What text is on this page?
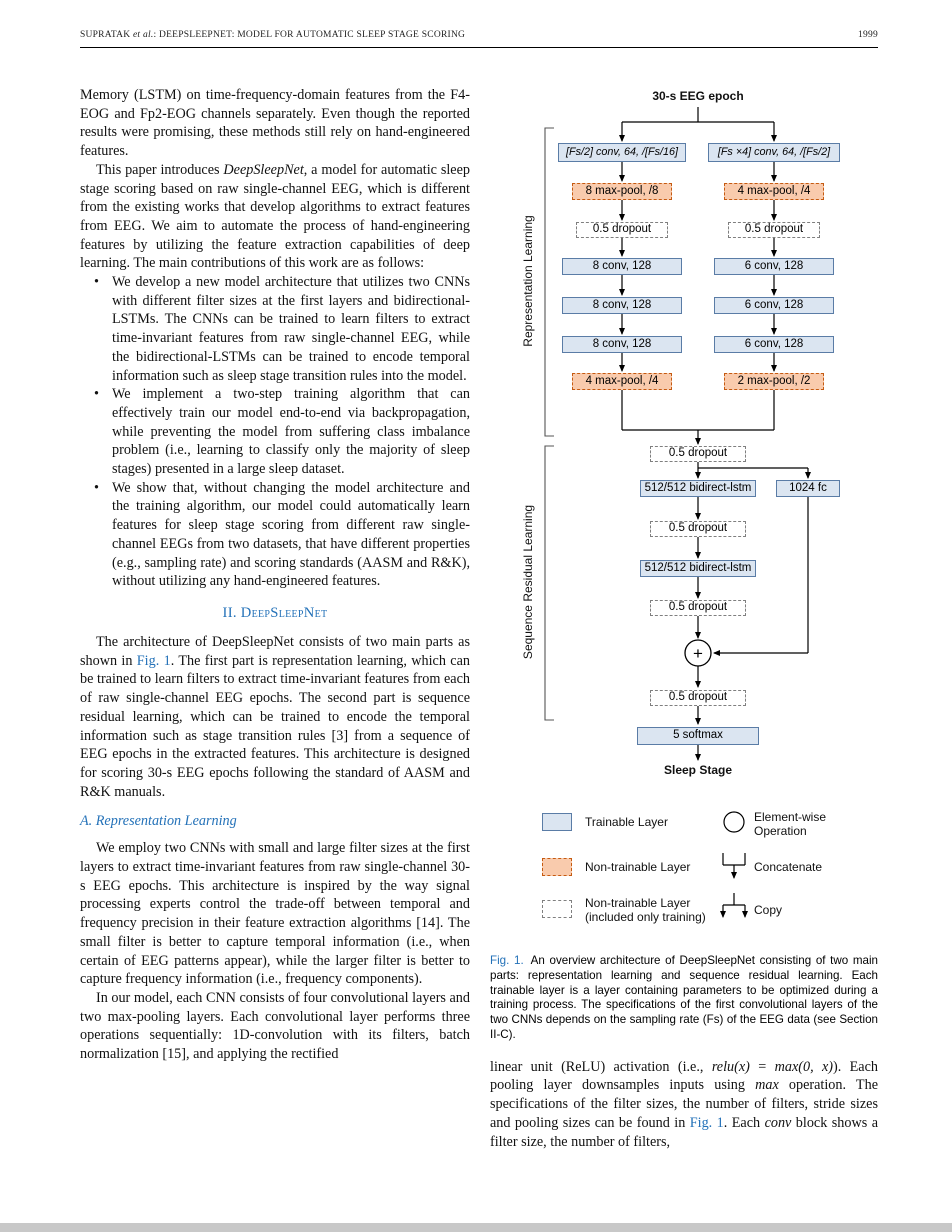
SUPRATAK et al.: DEEPSLEEPNET: MODEL FOR AUTOMATIC SLEEP STAGE SCORING	1999

Memory (LSTM) on time-frequency-domain features from the F4-EOG and Fp2-EOG channels separately. Even though the reported results were promising, these methods still rely on hand-engineered features.

This paper introduces DeepSleepNet, a model for automatic sleep stage scoring based on raw single-channel EEG, which is different from the existing works that develop algorithms to extract features from EEG. We aim to automate the process of hand-engineering features by utilizing the feature extraction capabilities of deep learning. The main contributions of this work are as follows:

• We develop a new model architecture that utilizes two CNNs with different filter sizes at the first layers and bidirectional-LSTMs. The CNNs can be trained to learn filters to extract time-invariant features from raw single-channel EEG, while the bidirectional-LSTMs can be trained to encode temporal information such as sleep stage transition rules into the model.

• We implement a two-step training algorithm that can effectively train our model end-to-end via backpropagation, while preventing the model from suffering class imbalance problem (i.e., learning to classify only the majority of sleep stages) presented in a large sleep dataset.

• We show that, without changing the model architecture and the training algorithm, our model could automatically learn features for sleep stage scoring from different raw single-channel EEGs from two datasets, that have different properties (e.g., sampling rate) and scoring standards (AASM and R&K), without utilizing any hand-engineered features.

II. DeepSleepNet

The architecture of DeepSleepNet consists of two main parts as shown in Fig. 1. The first part is representation learning, which can be trained to learn filters to extract time-invariant features from each of raw single-channel EEG epochs. The second part is sequence residual learning, which can be trained to encode the temporal information such as stage transition rules [3] from a sequence of EEG epochs in the extracted features. This architecture is designed for scoring 30-s EEG epochs following the standard of AASM and R&K manuals.

A. Representation Learning

We employ two CNNs with small and large filter sizes at the first layers to extract time-invariant features from raw single-channel 30-s EEG epochs. This architecture is inspired by the way signal processing experts control the trade-off between temporal and frequency precision in their feature extraction algorithms [14]. The small filter is better to capture temporal information (i.e., when certain of EEG patterns appear), while the larger filter is better to capture frequency information (i.e., frequency components).

In our model, each CNN consists of four convolutional layers and two max-pooling layers. Each convolutional layer performs three operations sequentially: 1D-convolution with its filters, batch normalization [15], and applying the rectified

+
30-s EEG epoch
Sleep Stage
Representation Learning
Sequence Residual Learning
[Fs/2] conv, 64, /[Fs/16]
8 max-pool, /8
0.5 dropout
8 conv, 128
8 conv, 128
8 conv, 128
4 max-pool, /4
[Fs ×4] conv, 64, /[Fs/2]
4 max-pool, /4
0.5 dropout
6 conv, 128
6 conv, 128
6 conv, 128
2 max-pool, /2
0.5 dropout
512/512 bidirect-lstm	1024 fc
0.5 dropout
512/512 bidirect-lstm
0.5 dropout
0.5 dropout
5 softmax
Trainable Layer	Element-wise
Operation
Non-trainable Layer	Concatenate
Non-trainable Layer
(included only training)	Copy
Fig. 1. An overview architecture of DeepSleepNet consisting of two main parts: representation learning and sequence residual learning. Each trainable layer is a layer containing parameters to be optimized during a training process. The specifications of the first convolutional layers of the two CNNs depends on the sampling rate (Fs) of the EEG data (see Section II-C).

linear unit (ReLU) activation (i.e., relu(x) = max(0, x)). Each pooling layer downsamples inputs using max operation. The specifications of the filter sizes, the number of filters, stride sizes and pooling sizes can be found in Fig. 1. Each conv block shows a filter size, the number of filters,
